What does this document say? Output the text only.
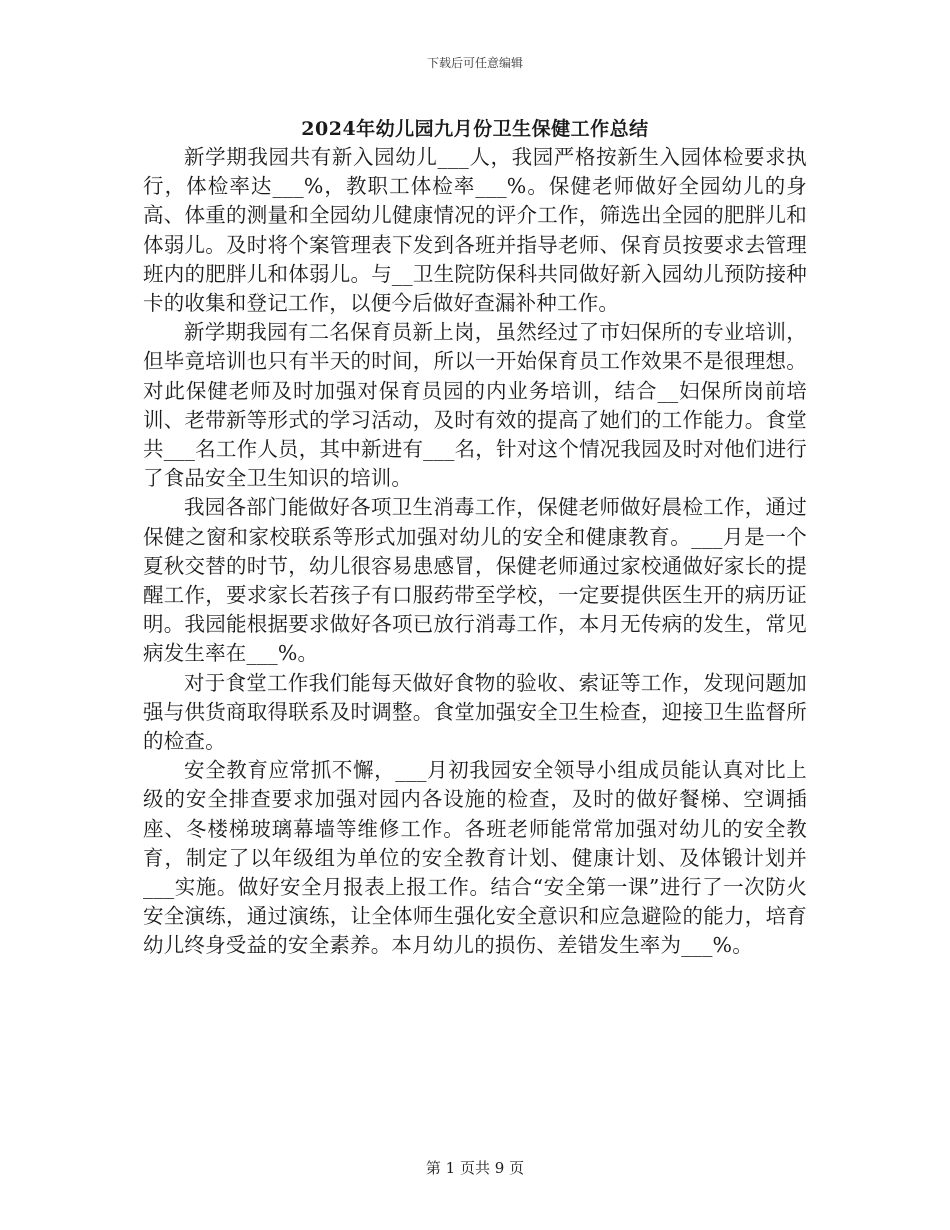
下载后可任意编辑
2024年幼儿园九月份卫生保健工作总结

新学期我园共有新入园幼儿___人，我园严格按新生入园体检要求执行，体检率达___%，教职工体检率___%。保健老师做好全园幼儿的身高、体重的测量和全园幼儿健康情况的评介工作，筛选出全园的肥胖儿和体弱儿。及时将个案管理表下发到各班并指导老师、保育员按要求去管理班内的肥胖儿和体弱儿。与__卫生院防保科共同做好新入园幼儿预防接种卡的收集和登记工作，以便今后做好查漏补种工作。

新学期我园有二名保育员新上岗，虽然经过了市妇保所的专业培训，但毕竟培训也只有半天的时间，所以一开始保育员工作效果不是很理想。对此保健老师及时加强对保育员园的内业务培训，结合__妇保所岗前培训、老带新等形式的学习活动，及时有效的提高了她们的工作能力。食堂共___名工作人员，其中新进有___名，针对这个情况我园及时对他们进行了食品安全卫生知识的培训。

我园各部门能做好各项卫生消毒工作，保健老师做好晨检工作，通过保健之窗和家校联系等形式加强对幼儿的安全和健康教育。___月是一个夏秋交替的时节，幼儿很容易患感冒，保健老师通过家校通做好家长的提醒工作，要求家长若孩子有口服药带至学校，一定要提供医生开的病历证明。我园能根据要求做好各项已放行消毒工作，本月无传病的发生，常见病发生率在___%。

对于食堂工作我们能每天做好食物的验收、索证等工作，发现问题加强与供货商取得联系及时调整。食堂加强安全卫生检查，迎接卫生监督所的检查。

安全教育应常抓不懈，___月初我园安全领导小组成员能认真对比上级的安全排查要求加强对园内各设施的检查，及时的做好餐梯、空调插座、冬楼梯玻璃幕墙等维修工作。各班老师能常常加强对幼儿的安全教育，制定了以年级组为单位的安全教育计划、健康计划、及体锻计划并___实施。做好安全月报表上报工作。结合“安全第一课”进行了一次防火安全演练，通过演练，让全体师生强化安全意识和应急避险的能力，培育幼儿终身受益的安全素养。本月幼儿的损伤、差错发生率为___%。

第 1 页共 9 页
